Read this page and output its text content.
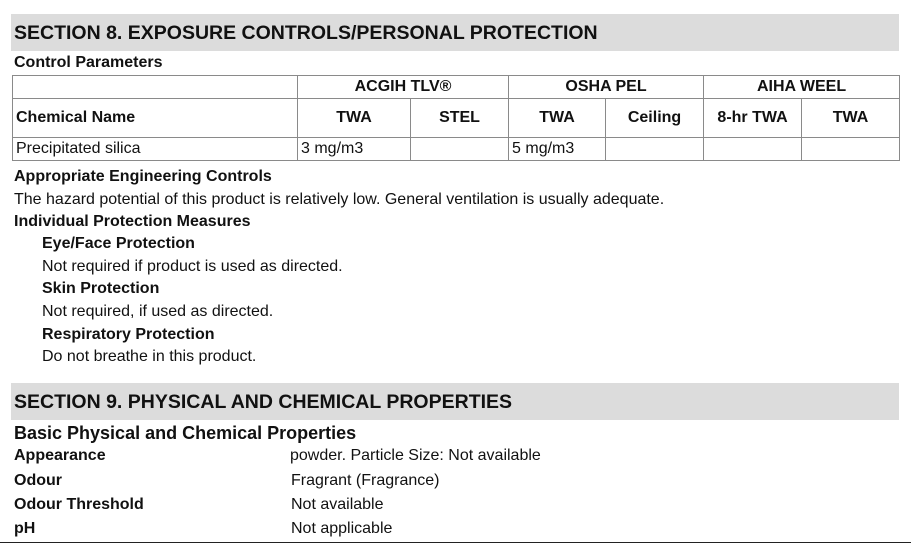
SECTION 8. EXPOSURE CONTROLS/PERSONAL PROTECTION
Control Parameters
	ACGIH TLV®		OSHA PEL		AIHA WEEL	
Chemical Name	TWA	STEL	TWA	Ceiling	8-hr TWA	TWA
Precipitated silica	3 mg/m3		5 mg/m3			
Appropriate Engineering Controls
The hazard potential of this product is relatively low. General ventilation is usually adequate.
Individual Protection Measures
Eye/Face Protection
Not required if product is used as directed.
Skin Protection
Not required, if used as directed.
Respiratory Protection
Do not breathe in this product.
SECTION 9. PHYSICAL AND CHEMICAL PROPERTIES
Basic Physical and Chemical Properties
Appearance	powder. Particle Size: Not available
Odour	Fragrant (Fragrance)
Odour Threshold	Not available
pH	Not applicable
